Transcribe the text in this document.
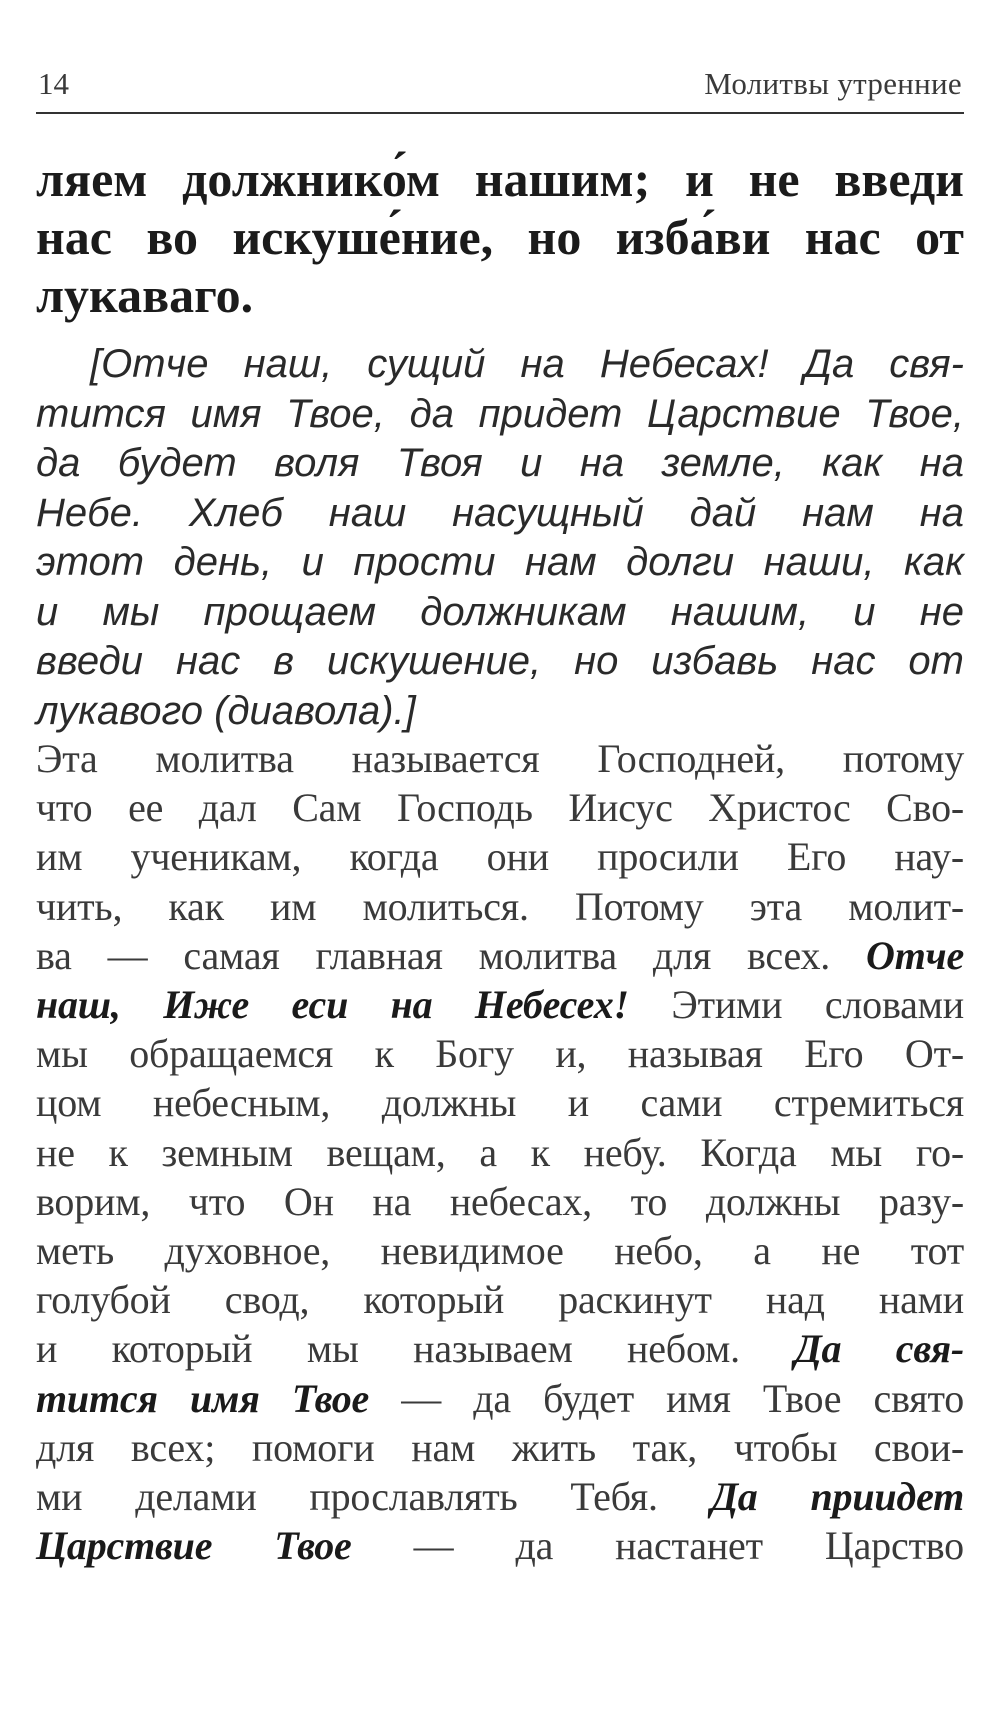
14	Молитвы утренние
ляем должнико́м нашим; и не введи
нас во искуше́ние, но изба́ви нас от
лукаваго.
[Отче наш, сущий на Небесах! Да свя-
тится имя Твое, да придет Царствие Твое,
да будет воля Твоя и на земле, как на
Небе. Хлеб наш насущный дай нам на
этот день, и прости нам долги наши, как
и мы прощаем должникам нашим, и не
введи нас в искушение, но избавь нас от
лукавого (диавола).]
Эта молитва называется Господней, потому
что ее дал Сам Господь Иисус Христос Сво-
им ученикам, когда они просили Его нау-
чить, как им молиться. Потому эта молит-
ва — самая главная молитва для всех. Отче
наш, Иже еси на Небесех! Этими словами
мы обращаемся к Богу и, называя Его От-
цом небесным, должны и сами стремиться
не к земным вещам, а к небу. Когда мы го-
ворим, что Он на небесах, то должны разу-
меть духовное, невидимое небо, а не тот
голубой свод, который раскинут над нами
и который мы называем небом. Да свя-
тится имя Твое — да будет имя Твое свято
для всех; помоги нам жить так, чтобы свои-
ми делами прославлять Тебя. Да приидет
Царствие Твое — да настанет Царство
